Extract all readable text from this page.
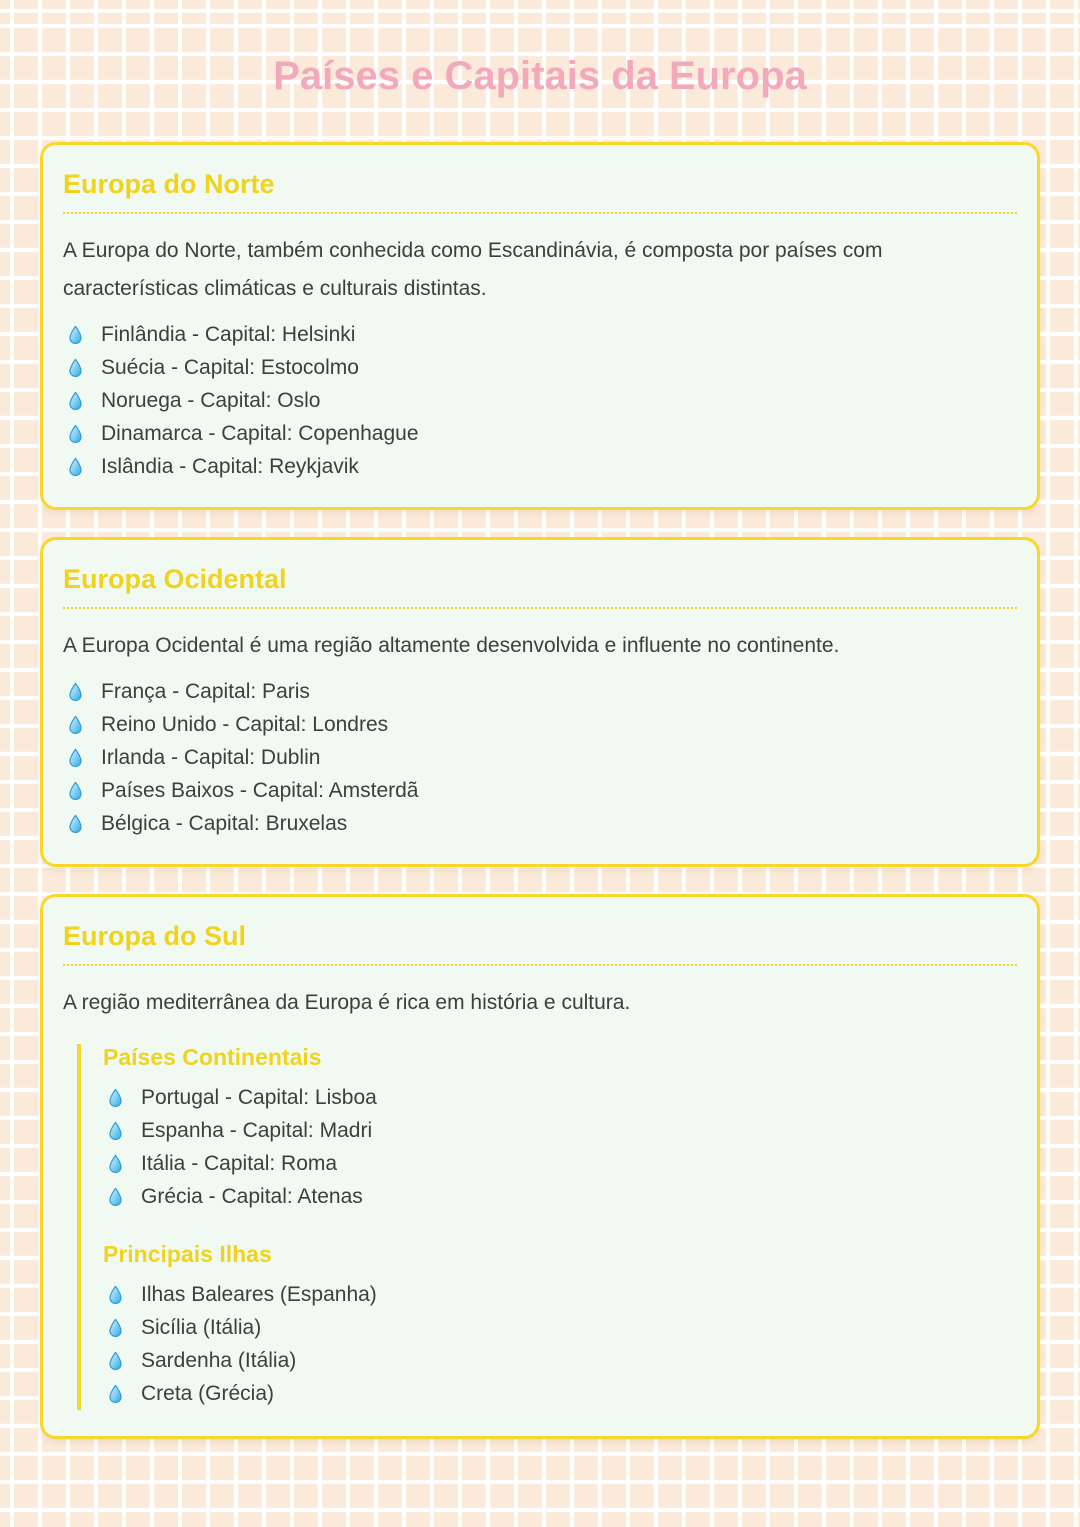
Países e Capitais da Europa
Europa do Norte

A Europa do Norte, também conhecida como Escandinávia, é composta por países com características climáticas e culturais distintas.

Finlândia - Capital: Helsinki
Suécia - Capital: Estocolmo
Noruega - Capital: Oslo
Dinamarca - Capital: Copenhague
Islândia - Capital: Reykjavik
Europa Ocidental

A Europa Ocidental é uma região altamente desenvolvida e influente no continente.

França - Capital: Paris
Reino Unido - Capital: Londres
Irlanda - Capital: Dublin
Países Baixos - Capital: Amsterdã
Bélgica - Capital: Bruxelas
Europa do Sul

A região mediterrânea da Europa é rica em história e cultura.

Países Continentais
Portugal - Capital: Lisboa
Espanha - Capital: Madri
Itália - Capital: Roma
Grécia - Capital: Atenas
Principais Ilhas
Ilhas Baleares (Espanha)
Sicília (Itália)
Sardenha (Itália)
Creta (Grécia)
